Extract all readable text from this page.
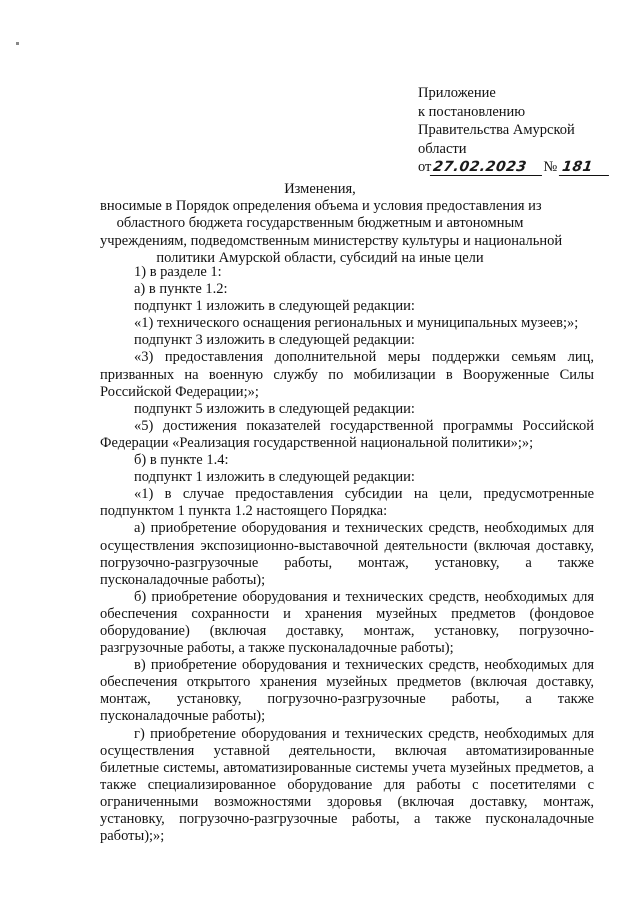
Приложение
к постановлению
Правительства Амурской
области
от 27.02.2023	№ 181
Изменения,
вносимые в Порядок определения объема и условия предоставления из
областного бюджета государственным бюджетным и автономным
учреждениям, подведомственным министерству культуры и национальной
политики Амурской области, субсидий на иные цели

1) в разделе 1:

а) в пункте 1.2:

подпункт 1 изложить в следующей редакции:

«1) технического оснащения региональных и муниципальных музеев;»;

подпункт 3 изложить в следующей редакции:

«3) предоставления дополнительной меры поддержки семьям лиц, призванных на военную службу по мобилизации в Вооруженные Силы Российской Федерации;»;

подпункт 5 изложить в следующей редакции:

«5) достижения показателей государственной программы Российской Федерации «Реализация государственной национальной политики»;»;

б) в пункте 1.4:

подпункт 1 изложить в следующей редакции:

«1) в случае предоставления субсидии на цели, предусмотренные подпунктом 1 пункта 1.2 настоящего Порядка:

а) приобретение оборудования и технических средств, необходимых для осуществления экспозиционно-выставочной деятельности (включая доставку, погрузочно-разгрузочные работы, монтаж, установку, а также пусконаладочные работы);

б) приобретение оборудования и технических средств, необходимых для обеспечения сохранности и хранения музейных предметов (фондовое оборудование) (включая доставку, монтаж, установку, погрузочно-разгрузочные работы, а также пусконаладочные работы);

в) приобретение оборудования и технических средств, необходимых для обеспечения открытого хранения музейных предметов (включая доставку, монтаж, установку, погрузочно-разгрузочные работы, а также пусконаладочные работы);

г) приобретение оборудования и технических средств, необходимых для осуществления уставной деятельности, включая автоматизированные билетные системы, автоматизированные системы учета музейных предметов, а также специализированное оборудование для работы с посетителями с ограниченными возможностями здоровья (включая доставку, монтаж, установку, погрузочно-разгрузочные работы, а также пусконаладочные работы);»;
